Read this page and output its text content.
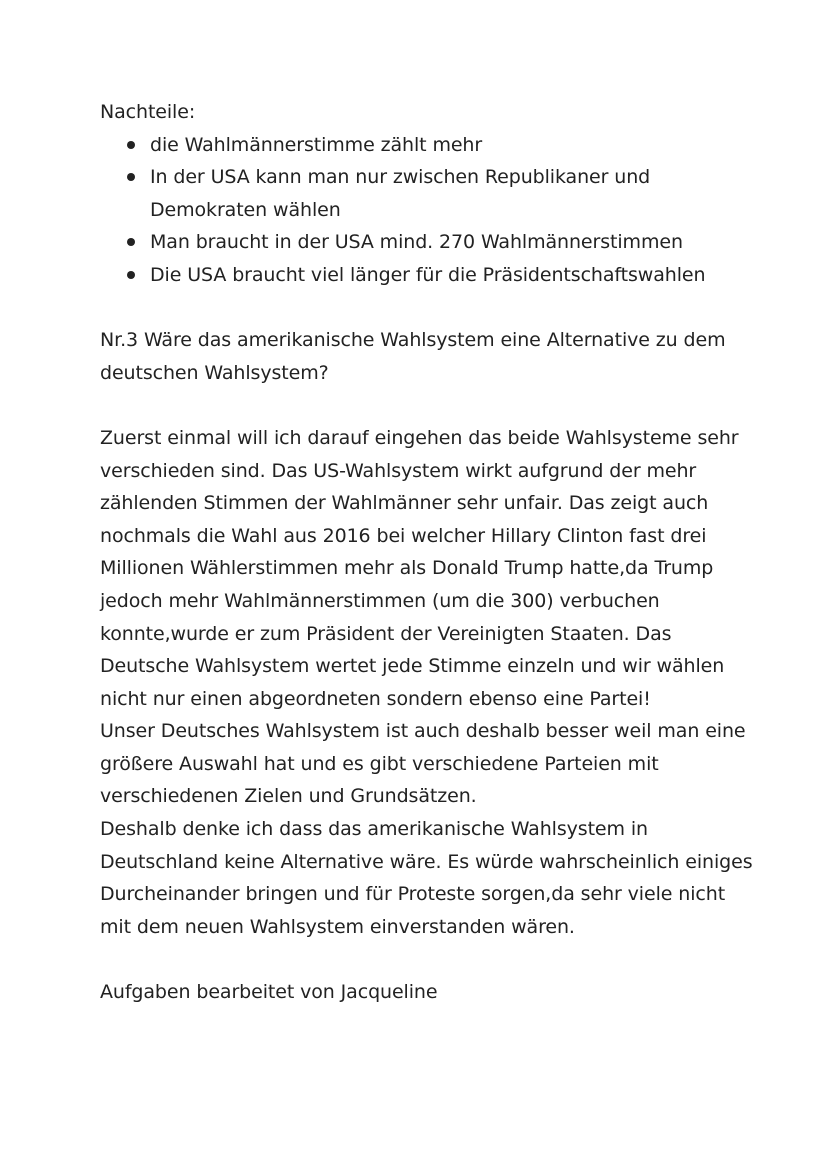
Nachteile:

die Wahlmännerstimme zählt mehr
In der USA kann man nur zwischen Republikaner und Demokraten wählen
Man braucht in der USA mind. 270 Wahlmännerstimmen
Die USA braucht viel länger für die Präsidentschaftswahlen

Nr.3 Wäre das amerikanische Wahlsystem eine Alternative zu dem deutschen Wahlsystem?

Zuerst einmal will ich darauf eingehen das beide Wahlsysteme sehr verschieden sind. Das US-Wahlsystem wirkt aufgrund der mehr zählenden Stimmen der Wahlmänner sehr unfair. Das zeigt auch nochmals die Wahl aus 2016 bei welcher Hillary Clinton fast drei Millionen Wählerstimmen mehr als Donald Trump hatte,da Trump jedoch mehr Wahlmännerstimmen (um die 300) verbuchen konnte,wurde er zum Präsident der Vereinigten Staaten. Das Deutsche Wahlsystem wertet jede Stimme einzeln und wir wählen nicht nur einen abgeordneten sondern ebenso eine Partei!

Unser Deutsches Wahlsystem ist auch deshalb besser weil man eine größere Auswahl hat und es gibt verschiedene Parteien mit verschiedenen Zielen und Grundsätzen.

Deshalb denke ich dass das amerikanische Wahlsystem in Deutschland keine Alternative wäre. Es würde wahrscheinlich einiges Durcheinander bringen und für Proteste sorgen,da sehr viele nicht mit dem neuen Wahlsystem einverstanden wären.

Aufgaben bearbeitet von Jacqueline
